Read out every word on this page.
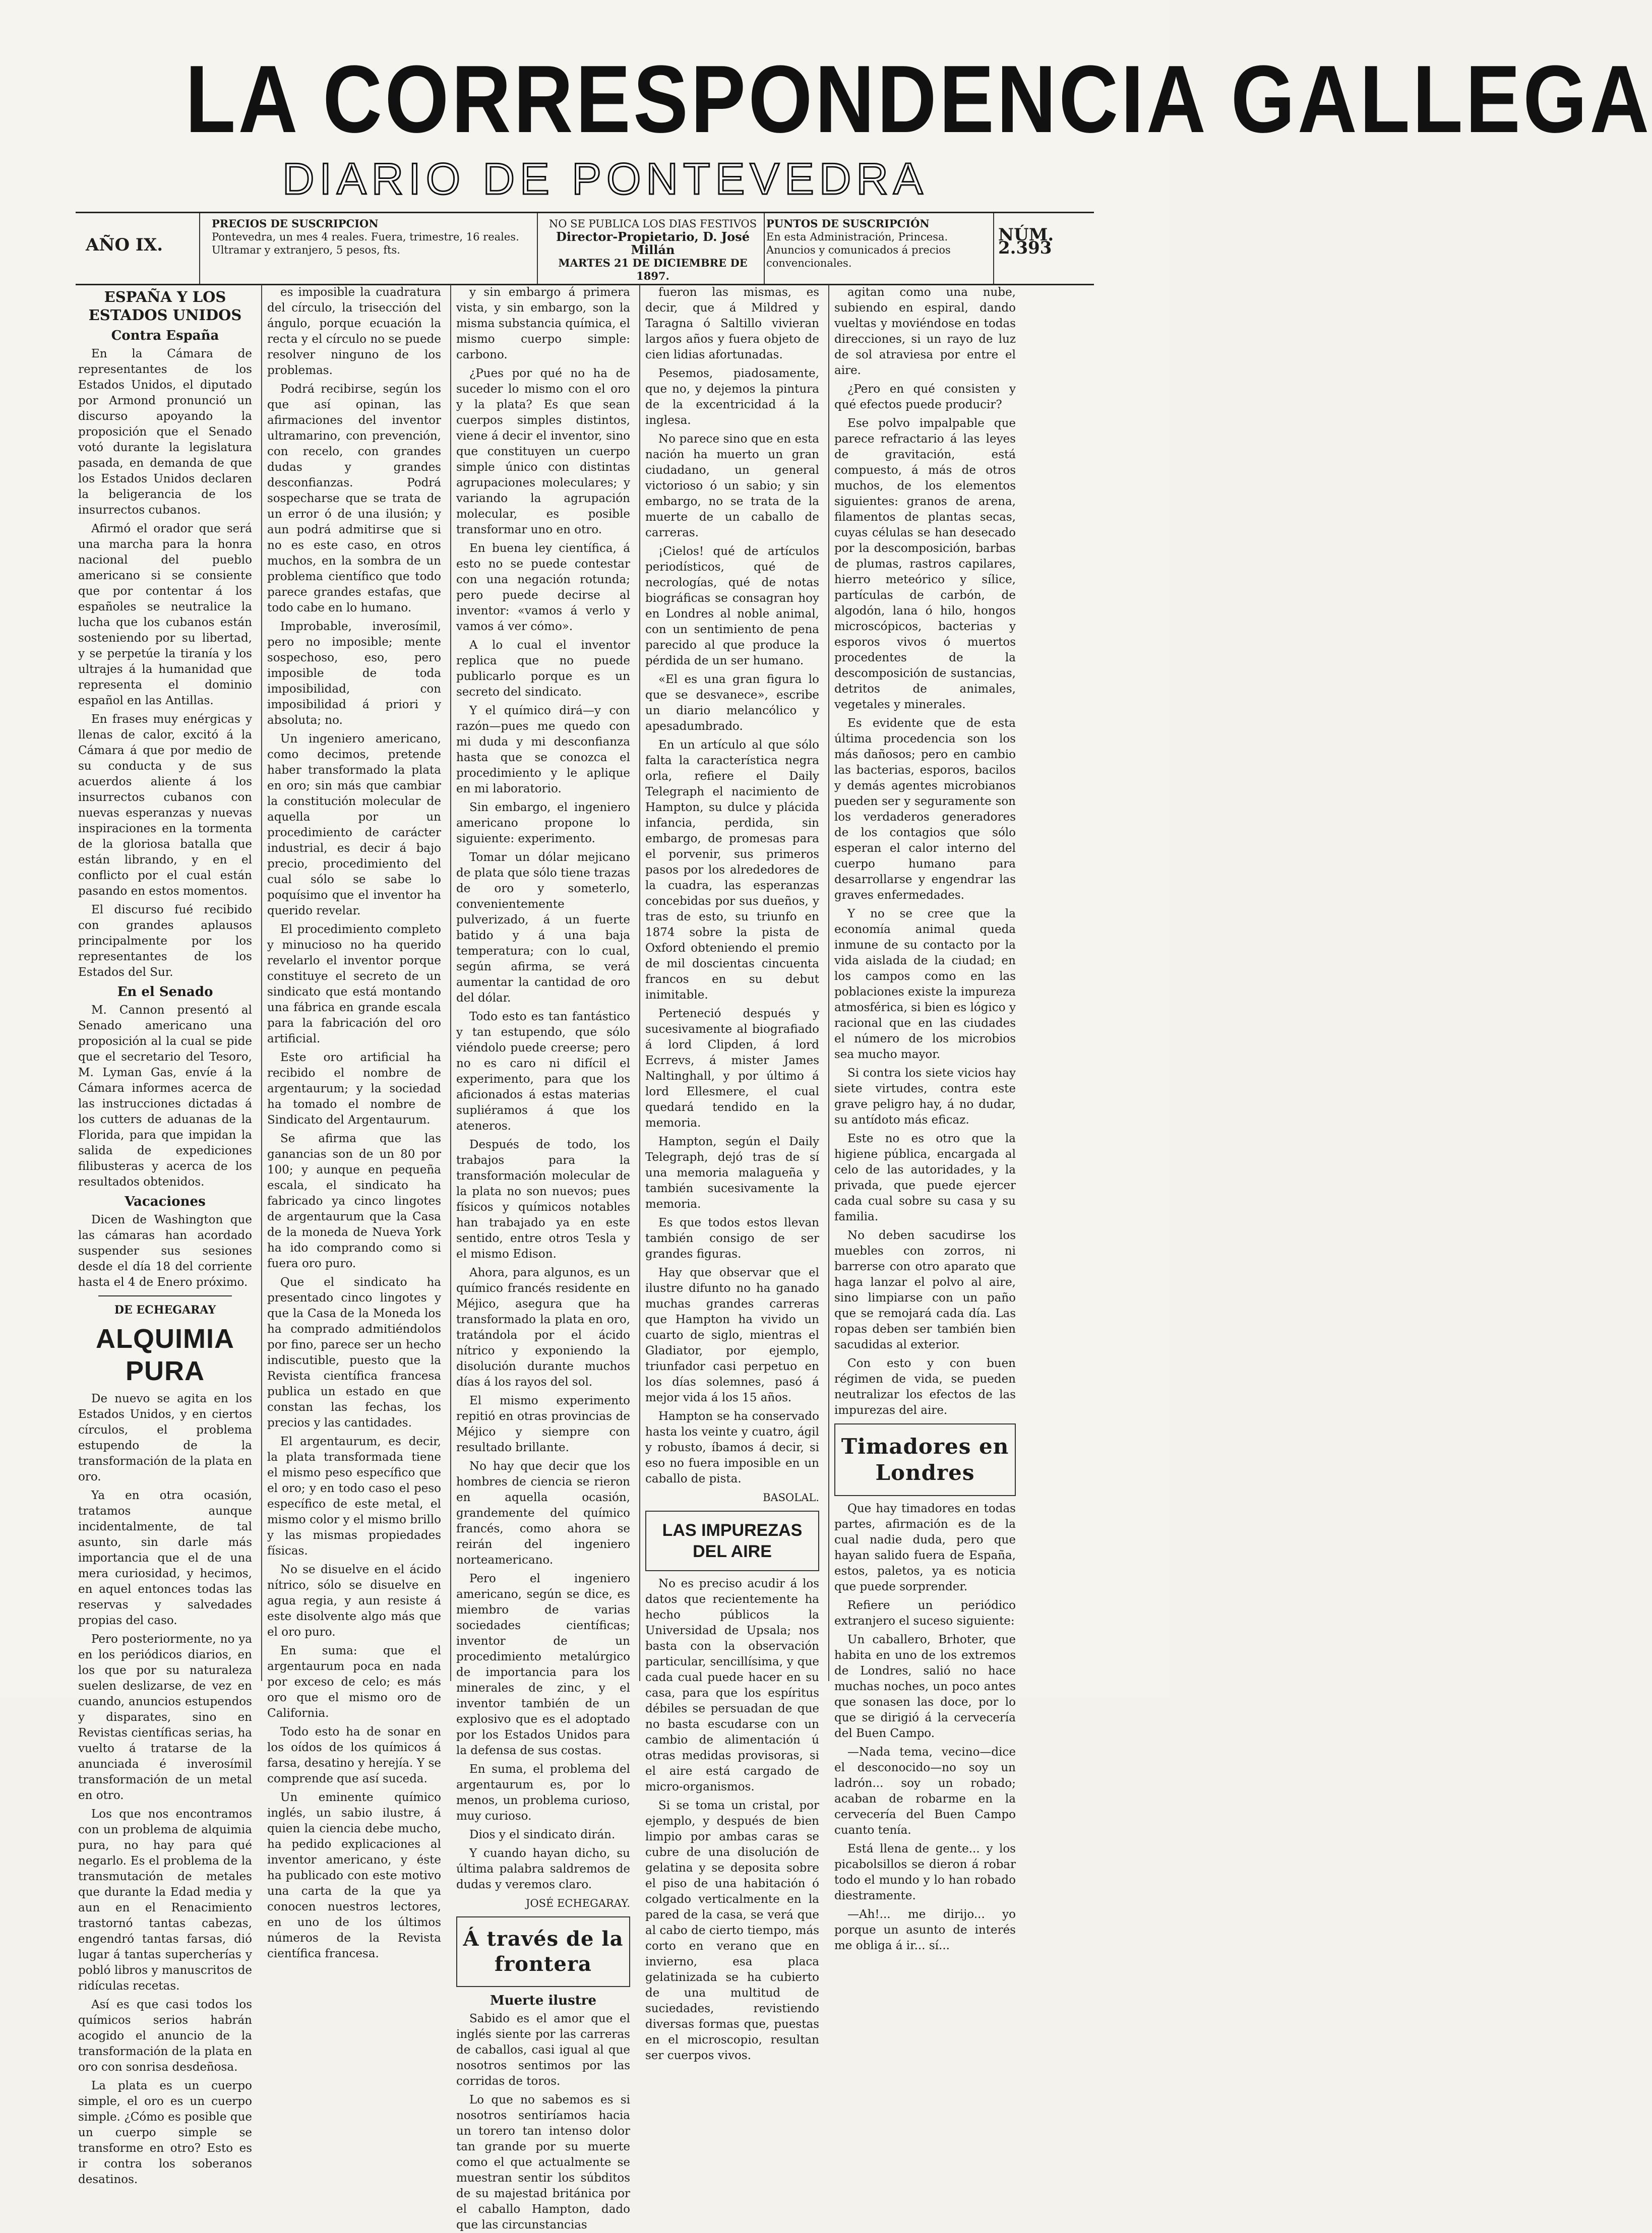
LA CORRESPONDENCIA GALLEGA
DIARIO DE PONTEVEDRA
AÑO IX.
PRECIOS DE SUSCRIPCION
Pontevedra, un mes 4 reales. Fuera, trimestre, 16 reales. Ultramar y extranjero, 5 pesos, fts.
NO SE PUBLICA LOS DIAS FESTIVOS
Director-Propietario, D. José Millán
MARTES 21 DE DICIEMBRE DE 1897.
PUNTOS DE SUSCRIPCIÓN
En esta Administración, Princesa. Anuncios y comunicados á precios convencionales.
NÚM. 2.393
ESPAÑA Y LOS ESTADOS UNIDOS
Contra España

En la Cámara de representantes de los Estados Unidos, el diputado por Armond pronunció un discurso apoyando la proposición que el Senado votó durante la legislatura pasada, en demanda de que los Estados Unidos declaren la beligerancia de los insurrectos cubanos.

Afirmó el orador que será una marcha para la honra nacional del pueblo americano si se consiente que por contentar á los españoles se neutralice la lucha que los cubanos están sosteniendo por su libertad, y se perpetúe la tiranía y los ultrajes á la humanidad que representa el dominio español en las Antillas.

En frases muy enérgicas y llenas de calor, excitó á la Cámara á que por medio de su conducta y de sus acuerdos aliente á los insurrectos cubanos con nuevas esperanzas y nuevas inspiraciones en la tormenta de la gloriosa batalla que están librando, y en el conflicto por el cual están pasando en estos momentos.

El discurso fué recibido con grandes aplausos principalmente por los representantes de los Estados del Sur.

En el Senado

M. Cannon presentó al Senado americano una proposición al la cual se pide que el secretario del Tesoro, M. Lyman Gas, envíe á la Cámara informes acerca de las instrucciones dictadas á los cutters de aduanas de la Florida, para que impidan la salida de expediciones filibusteras y acerca de los resultados obtenidos.

Vacaciones

Dicen de Washington que las cámaras han acordado suspender sus sesiones desde el día 18 del corriente hasta el 4 de Enero próximo.

DE ECHEGARAY
ALQUIMIA PURA

De nuevo se agita en los Estados Unidos, y en ciertos círculos, el problema estupendo de la transformación de la plata en oro.

Ya en otra ocasión, tratamos aunque incidentalmente, de tal asunto, sin darle más importancia que el de una mera curiosidad, y hecimos, en aquel entonces todas las reservas y salvedades propias del caso.

Pero posteriormente, no ya en los periódicos diarios, en los que por su naturaleza suelen deslizarse, de vez en cuando, anuncios estupendos y disparates, sino en Revistas científicas serias, ha vuelto á tratarse de la anunciada é inverosímil transformación de un metal en otro.

Los que nos encontramos con un problema de alquimia pura, no hay para qué negarlo. Es el problema de la transmutación de metales que durante la Edad media y aun en el Renacimiento trastornó tantas cabezas, engendró tantas farsas, dió lugar á tantas supercherías y pobló libros y manuscritos de ridículas recetas.

Así es que casi todos los químicos serios habrán acogido el anuncio de la transformación de la plata en oro con sonrisa desdeñosa.

La plata es un cuerpo simple, el oro es un cuerpo simple. ¿Cómo es posible que un cuerpo simple se transforme en otro? Esto es ir contra los soberanos desatinos.

es imposible la cuadratura del círculo, la trisección del ángulo, porque ecuación la recta y el círculo no se puede resolver ninguno de los problemas.

Podrá recibirse, según los que así opinan, las afirmaciones del inventor ultramarino, con prevención, con recelo, con grandes dudas y grandes desconfianzas. Podrá sospecharse que se trata de un error ó de una ilusión; y aun podrá admitirse que si no es este caso, en otros muchos, en la sombra de un problema científico que todo parece grandes estafas, que todo cabe en lo humano.

Improbable, inverosímil, pero no imposible; mente sospechoso, eso, pero imposible de toda imposibilidad, con imposibilidad á priori y absoluta; no.

Un ingeniero americano, como decimos, pretende haber transformado la plata en oro; sin más que cambiar la constitución molecular de aquella por un procedimiento de carácter industrial, es decir á bajo precio, procedimiento del cual sólo se sabe lo poquísimo que el inventor ha querido revelar.

El procedimiento completo y minucioso no ha querido revelarlo el inventor porque constituye el secreto de un sindicato que está montando una fábrica en grande escala para la fabricación del oro artificial.

Este oro artificial ha recibido el nombre de argentaurum; y la sociedad ha tomado el nombre de Sindicato del Argentaurum.

Se afirma que las ganancias son de un 80 por 100; y aunque en pequeña escala, el sindicato ha fabricado ya cinco lingotes de argentaurum que la Casa de la moneda de Nueva York ha ido comprando como si fuera oro puro.

Que el sindicato ha presentado cinco lingotes y que la Casa de la Moneda los ha comprado admitiéndolos por fino, parece ser un hecho indiscutible, puesto que la Revista científica francesa publica un estado en que constan las fechas, los precios y las cantidades.

El argentaurum, es decir, la plata transformada tiene el mismo peso específico que el oro; y en todo caso el peso específico de este metal, el mismo color y el mismo brillo y las mismas propiedades físicas.

No se disuelve en el ácido nítrico, sólo se disuelve en agua regia, y aun resiste á este disolvente algo más que el oro puro.

En suma: que el argentaurum poca en nada por exceso de celo; es más oro que el mismo oro de California.

Todo esto ha de sonar en los oídos de los químicos á farsa, desatino y herejía. Y se comprende que así suceda.

Un eminente químico inglés, un sabio ilustre, á quien la ciencia debe mucho, ha pedido explicaciones al inventor americano, y éste ha publicado con este motivo una carta de la que ya conocen nuestros lectores, en uno de los últimos números de la Revista científica francesa.

y sin embargo á primera vista, y sin embargo, son la misma substancia química, el mismo cuerpo simple: carbono.

¿Pues por qué no ha de suceder lo mismo con el oro y la plata? Es que sean cuerpos simples distintos, viene á decir el inventor, sino que constituyen un cuerpo simple único con distintas agrupaciones moleculares; y variando la agrupación molecular, es posible transformar uno en otro.

En buena ley científica, á esto no se puede contestar con una negación rotunda; pero puede decirse al inventor: «vamos á verlo y vamos á ver cómo».

A lo cual el inventor replica que no puede publicarlo porque es un secreto del sindicato.

Y el químico dirá—y con razón—pues me quedo con mi duda y mi desconfianza hasta que se conozca el procedimiento y le aplique en mi laboratorio.

Sin embargo, el ingeniero americano propone lo siguiente: experimento.

Tomar un dólar mejicano de plata que sólo tiene trazas de oro y someterlo, convenientemente pulverizado, á un fuerte batido y á una baja temperatura; con lo cual, según afirma, se verá aumentar la cantidad de oro del dólar.

Todo esto es tan fantástico y tan estupendo, que sólo viéndolo puede creerse; pero no es caro ni difícil el experimento, para que los aficionados á estas materias supliéramos á que los ateneros.

Después de todo, los trabajos para la transformación molecular de la plata no son nuevos; pues físicos y químicos notables han trabajado ya en este sentido, entre otros Tesla y el mismo Edison.

Ahora, para algunos, es un químico francés residente en Méjico, asegura que ha transformado la plata en oro, tratándola por el ácido nítrico y exponiendo la disolución durante muchos días á los rayos del sol.

El mismo experimento repitió en otras provincias de Méjico y siempre con resultado brillante.

No hay que decir que los hombres de ciencia se rieron en aquella ocasión, grandemente del químico francés, como ahora se reirán del ingeniero norteamericano.

Pero el ingeniero americano, según se dice, es miembro de varias sociedades científicas; inventor de un procedimiento metalúrgico de importancia para los minerales de zinc, y el inventor también de un explosivo que es el adoptado por los Estados Unidos para la defensa de sus costas.

En suma, el problema del argentaurum es, por lo menos, un problema curioso, muy curioso.

Dios y el sindicato dirán.

Y cuando hayan dicho, su última palabra saldremos de dudas y veremos claro.

JOSÉ ECHEGARAY.
Á través de la frontera
Muerte ilustre

Sabido es el amor que el inglés siente por las carreras de caballos, casi igual al que nosotros sentimos por las corridas de toros.

Lo que no sabemos es si nosotros sentiríamos hacia un torero tan intenso dolor tan grande por su muerte como el que actualmente se muestran sentir los súbditos de su majestad británica por el caballo Hampton, dado que las circunstancias

fueron las mismas, es decir, que á Mildred y Taragna ó Saltillo vivieran largos años y fuera objeto de cien lidias afortunadas.

Pesemos, piadosamente, que no, y dejemos la pintura de la excentricidad á la inglesa.

No parece sino que en esta nación ha muerto un gran ciudadano, un general victorioso ó un sabio; y sin embargo, no se trata de la muerte de un caballo de carreras.

¡Cielos! qué de artículos periodísticos, qué de necrologías, qué de notas biográficas se consagran hoy en Londres al noble animal, con un sentimiento de pena parecido al que produce la pérdida de un ser humano.

«El es una gran figura lo que se desvanece», escribe un diario melancólico y apesadumbrado.

En un artículo al que sólo falta la característica negra orla, refiere el Daily Telegraph el nacimiento de Hampton, su dulce y plácida infancia, perdida, sin embargo, de promesas para el porvenir, sus primeros pasos por los alrededores de la cuadra, las esperanzas concebidas por sus dueños, y tras de esto, su triunfo en 1874 sobre la pista de Oxford obteniendo el premio de mil doscientas cincuenta francos en su debut inimitable.

Perteneció después y sucesivamente al biografiado á lord Clipden, á lord Ecrrevs, á mister James Naltinghall, y por último á lord Ellesmere, el cual quedará tendido en la memoria.

Hampton, según el Daily Telegraph, dejó tras de sí una memoria malagueña y también sucesivamente la memoria.

Es que todos estos llevan también consigo de ser grandes figuras.

Hay que observar que el ilustre difunto no ha ganado muchas grandes carreras que Hampton ha vivido un cuarto de siglo, mientras el Gladiator, por ejemplo, triunfador casi perpetuo en los días solemnes, pasó á mejor vida á los 15 años.

Hampton se ha conservado hasta los veinte y cuatro, ágil y robusto, íbamos á decir, si eso no fuera imposible en un caballo de pista.

BASOLAL.
LAS IMPUREZAS DEL AIRE

No es preciso acudir á los datos que recientemente ha hecho públicos la Universidad de Upsala; nos basta con la observación particular, sencillísima, y que cada cual puede hacer en su casa, para que los espíritus débiles se persuadan de que no basta escudarse con un cambio de alimentación ú otras medidas provisoras, si el aire está cargado de micro-organismos.

Si se toma un cristal, por ejemplo, y después de bien limpio por ambas caras se cubre de una disolución de gelatina y se deposita sobre el piso de una habitación ó colgado verticalmente en la pared de la casa, se verá que al cabo de cierto tiempo, más corto en verano que en invierno, esa placa gelatinizada se ha cubierto de una multitud de suciedades, revistiendo diversas formas que, puestas en el microscopio, resultan ser cuerpos vivos.

agitan como una nube, subiendo en espiral, dando vueltas y moviéndose en todas direcciones, si un rayo de luz de sol atraviesa por entre el aire.

¿Pero en qué consisten y qué efectos puede producir?

Ese polvo impalpable que parece refractario á las leyes de gravitación, está compuesto, á más de otros muchos, de los elementos siguientes: granos de arena, filamentos de plantas secas, cuyas células se han desecado por la descomposición, barbas de plumas, rastros capilares, hierro meteórico y sílice, partículas de carbón, de algodón, lana ó hilo, hongos microscópicos, bacterias y esporos vivos ó muertos procedentes de la descomposición de sustancias, detritos de animales, vegetales y minerales.

Es evidente que de esta última procedencia son los más dañosos; pero en cambio las bacterias, esporos, bacilos y demás agentes microbianos pueden ser y seguramente son los verdaderos generadores de los contagios que sólo esperan el calor interno del cuerpo humano para desarrollarse y engendrar las graves enfermedades.

Y no se cree que la economía animal queda inmune de su contacto por la vida aislada de la ciudad; en los campos como en las poblaciones existe la impureza atmosférica, si bien es lógico y racional que en las ciudades el número de los microbios sea mucho mayor.

Si contra los siete vicios hay siete virtudes, contra este grave peligro hay, á no dudar, su antídoto más eficaz.

Este no es otro que la higiene pública, encargada al celo de las autoridades, y la privada, que puede ejercer cada cual sobre su casa y su familia.

No deben sacudirse los muebles con zorros, ni barrerse con otro aparato que haga lanzar el polvo al aire, sino limpiarse con un paño que se remojará cada día. Las ropas deben ser también bien sacudidas al exterior.

Con esto y con buen régimen de vida, se pueden neutralizar los efectos de las impurezas del aire.

Timadores en Londres

Que hay timadores en todas partes, afirmación es de la cual nadie duda, pero que hayan salido fuera de España, estos, paletos, ya es noticia que puede sorprender.

Refiere un periódico extranjero el suceso siguiente:

Un caballero, Brhoter, que habita en uno de los extremos de Londres, salió no hace muchas noches, un poco antes que sonasen las doce, por lo que se dirigió á la cervecería del Buen Campo.

—Nada tema, vecino—dice el desconocido—no soy un ladrón... soy un robado; acaban de robarme en la cervecería del Buen Campo cuanto tenía.

Está llena de gente... y los picabolsillos se dieron á robar todo el mundo y lo han robado diestramente.

—Ah!... me dirijo... yo porque un asunto de interés me obliga á ir... sí...
